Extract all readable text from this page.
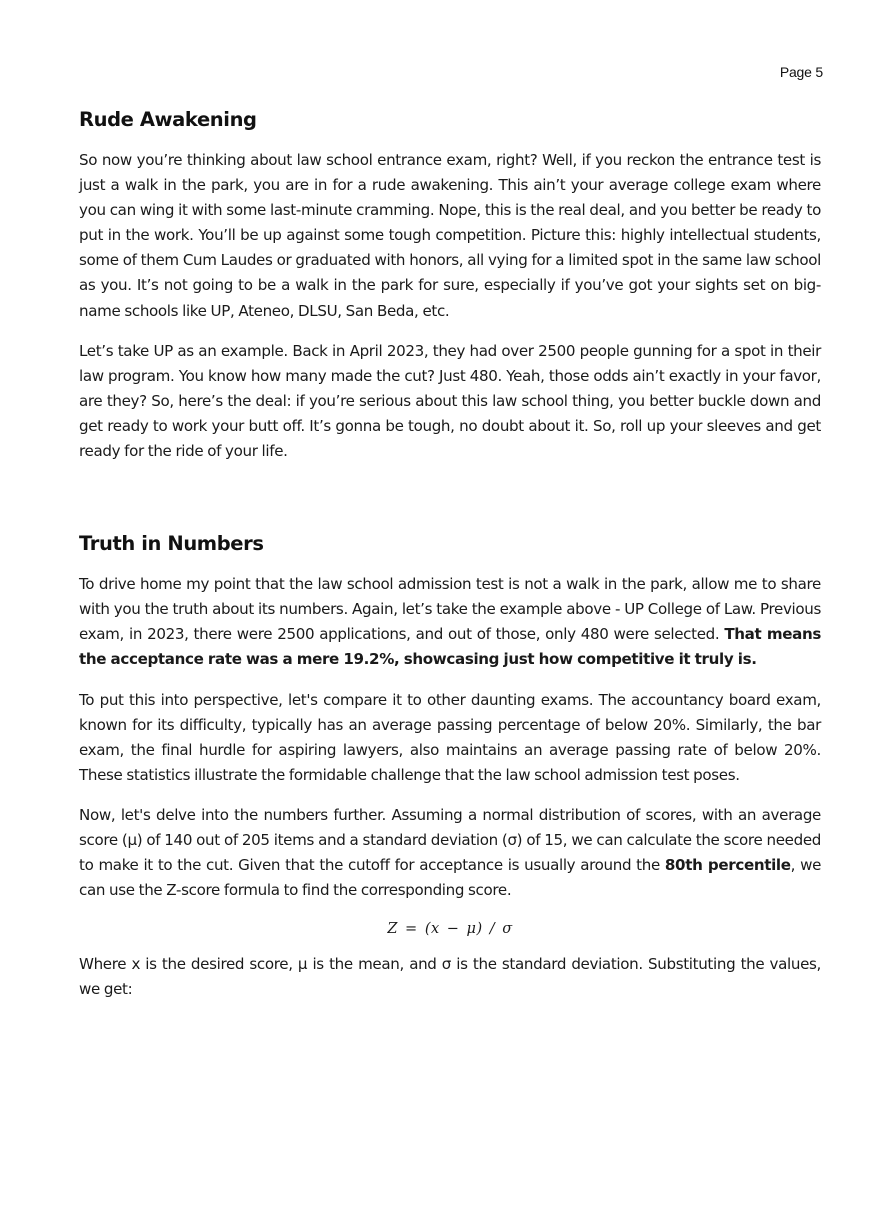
Page 5
Rude Awakening

So now you’re thinking about law school entrance exam, right? Well, if you reckon the entrance test is just a walk in the park, you are in for a rude awakening. This ain’t your average college exam where you can wing it with some last-minute cramming. Nope, this is the real deal, and you better be ready to put in the work. You’ll be up against some tough competition. Picture this: highly intellectual students, some of them Cum Laudes or graduated with honors, all vying for a limited spot in the same law school as you. It’s not going to be a walk in the park for sure, especially if you’ve got your sights set on big-name schools like UP, Ateneo, DLSU, San Beda, etc.

Let’s take UP as an example. Back in April 2023, they had over 2500 people gunning for a spot in their law program. You know how many made the cut? Just 480. Yeah, those odds ain’t exactly in your favor, are they? So, here’s the deal: if you’re serious about this law school thing, you better buckle down and get ready to work your butt off. It’s gonna be tough, no doubt about it. So, roll up your sleeves and get ready for the ride of your life.

Truth in Numbers

To drive home my point that the law school admission test is not a walk in the park, allow me to share with you the truth about its numbers. Again, let’s take the example above - UP College of Law. Previous exam, in 2023, there were 2500 applications, and out of those, only 480 were selected. That means the acceptance rate was a mere 19.2%, showcasing just how competitive it truly is.

To put this into perspective, let's compare it to other daunting exams. The accountancy board exam, known for its difficulty, typically has an average passing percentage of below 20%. Similarly, the bar exam, the final hurdle for aspiring lawyers, also maintains an average passing rate of below 20%. These statistics illustrate the formidable challenge that the law school admission test poses.

Now, let's delve into the numbers further. Assuming a normal distribution of scores, with an average score (μ) of 140 out of 205 items and a standard deviation (σ) of 15, we can calculate the score needed to make it to the cut. Given that the cutoff for acceptance is usually around the 80th percentile, we can use the Z-score formula to find the corresponding score.

Z = (x − μ) / σ

Where x is the desired score, μ is the mean, and σ is the standard deviation. Substituting the values, we get:
